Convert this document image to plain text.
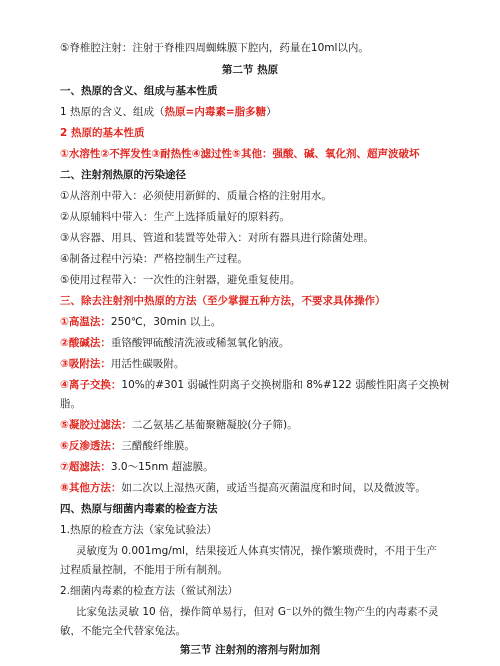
⑤脊椎腔注射：注射于脊椎四周蜘蛛膜下腔内，药量在10ml以内。
第二节 热原
一、热原的含义、组成与基本性质
1 热原的含义、组成（热原=内毒素=脂多糖）
2 热原的基本性质
①水溶性②不挥发性③耐热性④滤过性⑤其他：强酸、碱、氧化剂、超声波破坏
二、注射剂热原的污染途径
①从溶剂中带入：必须使用新鲜的、质量合格的注射用水。
②从原辅料中带入：生产上选择质量好的原料药。
③从容器、用具、管道和装置等处带入：对所有器具进行除菌处理。
④制备过程中污染：严格控制生产过程。
⑤使用过程带入：一次性的注射器，避免重复使用。
三、除去注射剂中热原的方法（至少掌握五种方法，不要求具体操作）
①高温法：250℃，30min 以上。
②酸碱法：重铬酸钾硫酸清洗液或稀氢氧化钠液。
③吸附法：用活性碳吸附。
④离子交换：10%的#301 弱碱性阴离子交换树脂和 8%#122 弱酸性阳离子交换树
脂。
⑤凝胶过滤法：二乙氨基乙基葡聚糖凝胶(分子筛)。
⑥反渗透法：三醋酸纤维膜。
⑦超滤法：3.0～15nm 超滤膜。
⑧其他方法：如二次以上湿热灭菌，或适当提高灭菌温度和时间，以及微波等。
四、热原与细菌内毒素的检查方法
1.热原的检查方法（家兔试验法）
灵敏度为 0.001mg/ml，结果接近人体真实情况，操作繁琐费时，不用于生产
过程质量控制，不能用于所有制剂。
2.细菌内毒素的检查方法（鲎试剂法）
比家兔法灵敏 10 倍，操作简单易行，但对 G⁻以外的微生物产生的内毒素不灵
敏，不能完全代替家兔法。
第三节 注射剂的溶剂与附加剂
